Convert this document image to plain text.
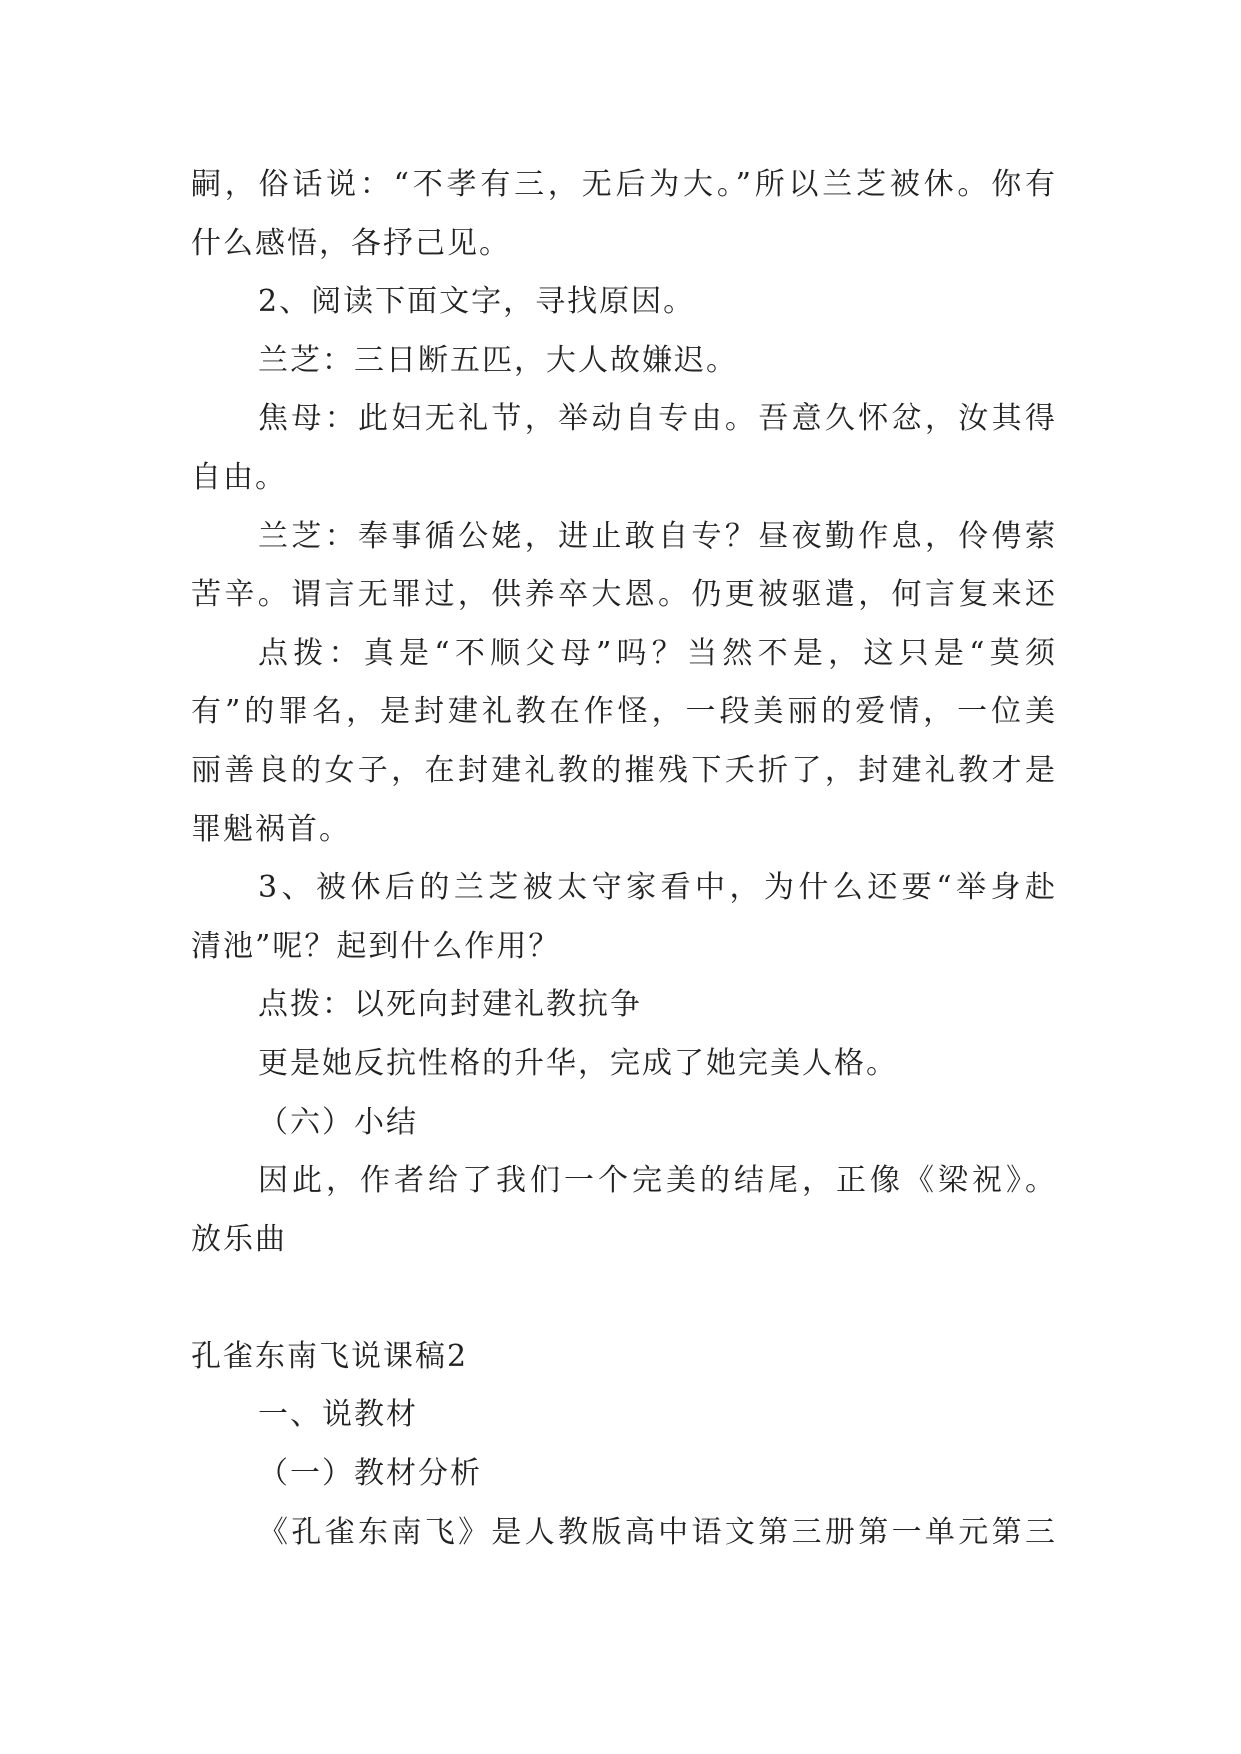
嗣，俗话说：“不孝有三，无后为大。”所以兰芝被休。你有
什么感悟，各抒己见。
2、阅读下面文字，寻找原因。
兰芝：三日断五匹，大人故嫌迟。
焦母：此妇无礼节，举动自专由。吾意久怀忿，汝其得
自由。
兰芝：奉事循公姥，进止敢自专？昼夜勤作息，伶俜萦
苦辛。谓言无罪过，供养卒大恩。仍更被驱遣，何言复来还
点拨：真是“不顺父母”吗？当然不是，这只是“莫须
有”的罪名，是封建礼教在作怪，一段美丽的爱情，一位美
丽善良的女子，在封建礼教的摧残下夭折了，封建礼教才是
罪魁祸首。
3、被休后的兰芝被太守家看中，为什么还要“举身赴
清池”呢？起到什么作用？
点拨：以死向封建礼教抗争
更是她反抗性格的升华，完成了她完美人格。
（六）小结
因此，作者给了我们一个完美的结尾，正像《梁祝》。
放乐曲
孔雀东南飞说课稿2
一、说教材
（一）教材分析
《孔雀东南飞》是人教版高中语文第三册第一单元第三
